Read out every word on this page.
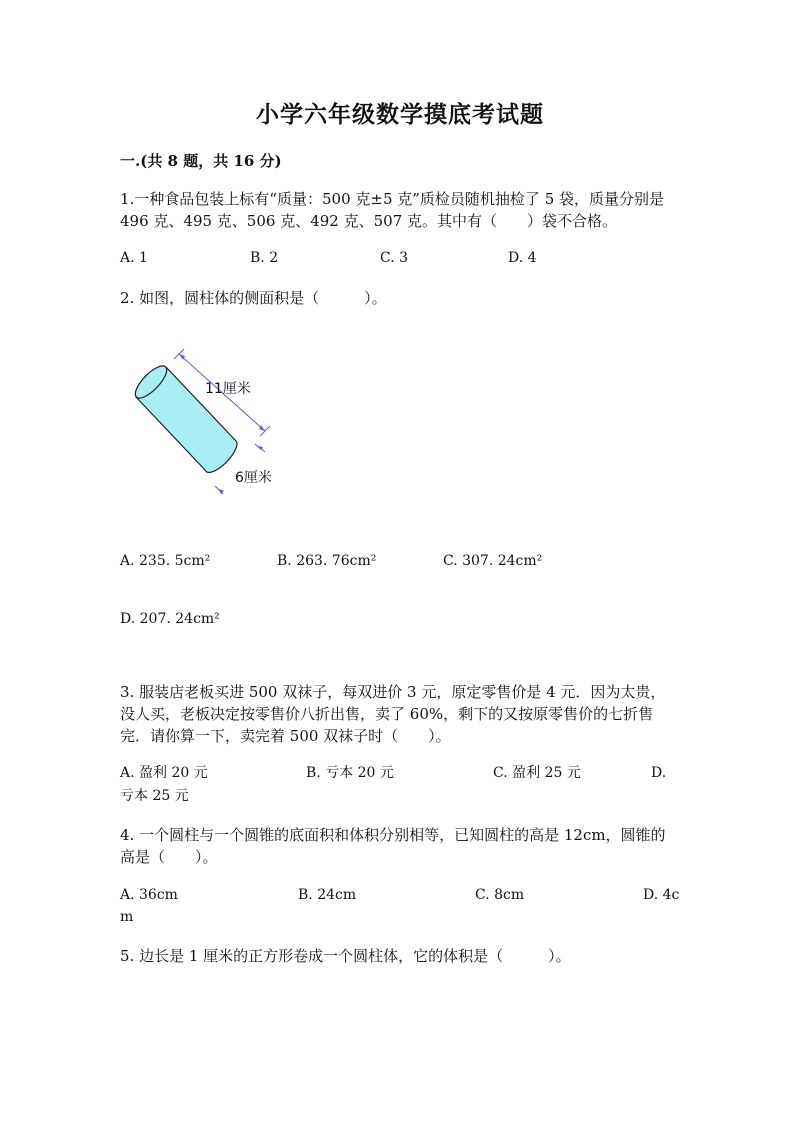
小学六年级数学摸底考试题
一.(共 8 题，共 16 分)
1.一种食品包装上标有“质量：500 克±5 克”质检员随机抽检了 5 袋，质量分别是 496 克、495 克、506 克、492 克、507 克。其中有（　　）袋不合格。
A. 1	B. 2	C. 3	D. 4
2. 如图，圆柱体的侧面积是（　　　）。
11厘米
6厘米
A. 235. 5cm²	B. 263. 76cm²	C. 307. 24cm²
D. 207. 24cm²
3. 服装店老板买进 500 双袜子，每双进价 3 元，原定零售价是 4 元．因为太贵，没人买，老板决定按零售价八折出售，卖了 60%，剩下的又按原零售价的七折售完．请你算一下，卖完着 500 双袜子时（　　）。
A. 盈利 20 元	B. 亏本 20 元	C. 盈利 25 元	D.
亏本 25 元
4. 一个圆柱与一个圆锥的底面积和体积分别相等，已知圆柱的高是 12cm，圆锥的高是（　　）。
A. 36cm	B. 24cm	C. 8cm	D. 4c
m
5. 边长是 1 厘米的正方形卷成一个圆柱体，它的体积是（　　　）。
